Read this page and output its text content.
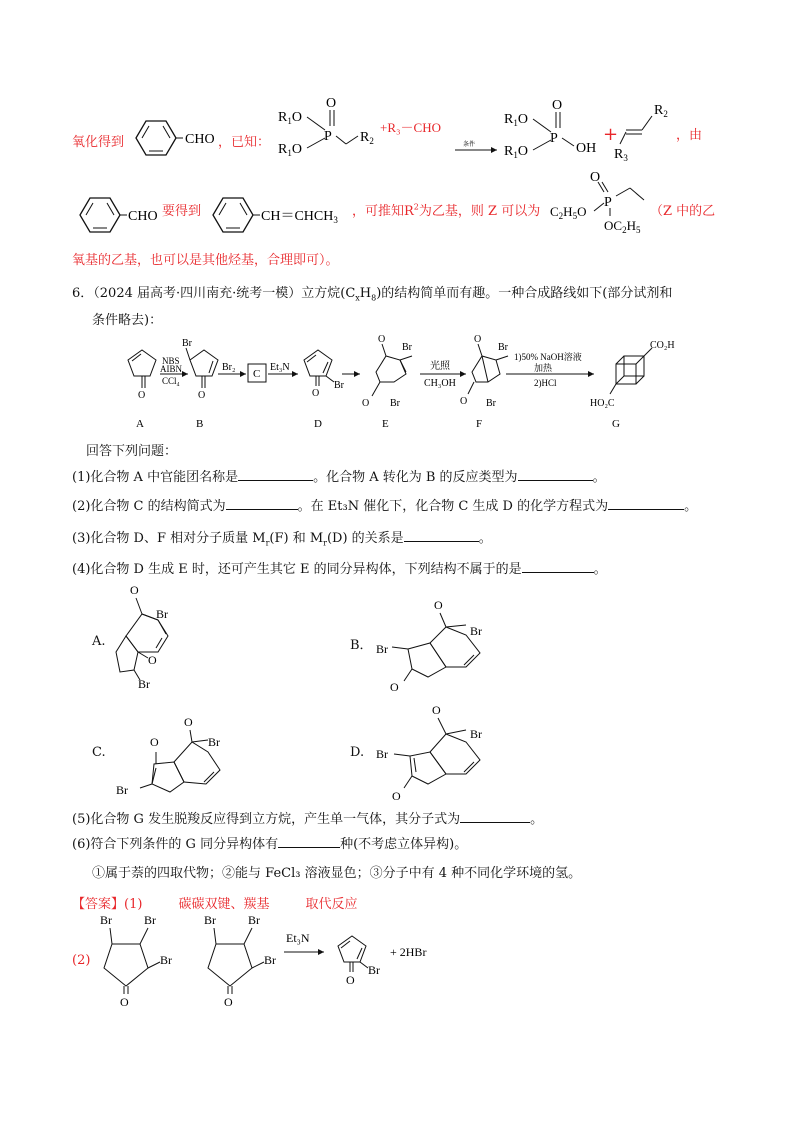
氧化得到	CHO ，已知：
$R_1O$
$R_1O$
P
O
$R_2$
+R₃－CHO
条件
$R_1O$
$R_1O$
P
O
OH
+
$R_2$
$R_3$
，由
CHO 要得到	$CH=CHCH_3$
，可推知$R^2$为乙基，则 Z 可以为 $C_2H_5O$
P
O
$OC_2H_5$
（Z 中的乙
氧基的乙基，也可以是其他烃基，合理即可）。
6．（2024 届高考·四川南充·统考一模）立方烷$(C_xH_8)$的结构简单而有趣。一种合成路线如下(部分试剂和
条件略去)：
O
A
NBS
AIBN
CCl₄
Br
O
B
Br₂
C
Et₃N
Br
O
D
O
Br
O Br
E
光照
CH₃OH
O
Br
O Br
F
1)50% NaOH溶液
加热
2)HCl
CO₂H
HO₂C
G
回答下列问题：
(1)化合物 A 中官能团名称是	。化合物 A 转化为 B 的反应类型为	。
(2)化合物 C 的结构简式为	。在 Et₃N 催化下，化合物 C 生成 D 的化学方程式为	。
(3)化合物 D、F 相对分子质量 $M_r(F)$ 和 $M_r(D)$ 的关系是	。
(4)化合物 D 生成 E 时，还可产生其它 E 的同分异构体，下列结构不属于的是	。
A.
O
Br
O
Br
B．
O
Br
Br
O
C.
O
O	Br
Br
D.
O
Br
Br
O
(5)化合物 G 发生脱羧反应得到立方烷，产生单一气体，其分子式为	。
(6)符合下列条件的 G 同分异构体有	种(不考虑立体异构)。
①属于萘的四取代物；②能与 FeCl₃ 溶液显色；③分子中有 4 种不同化学环境的氢。
【答案】(1)	碳碳双键、羰基	取代反应
(2)
Br	Br
Br
O
Br	Br
Br
O
Et₃N
Br
O
+ 2HBr
